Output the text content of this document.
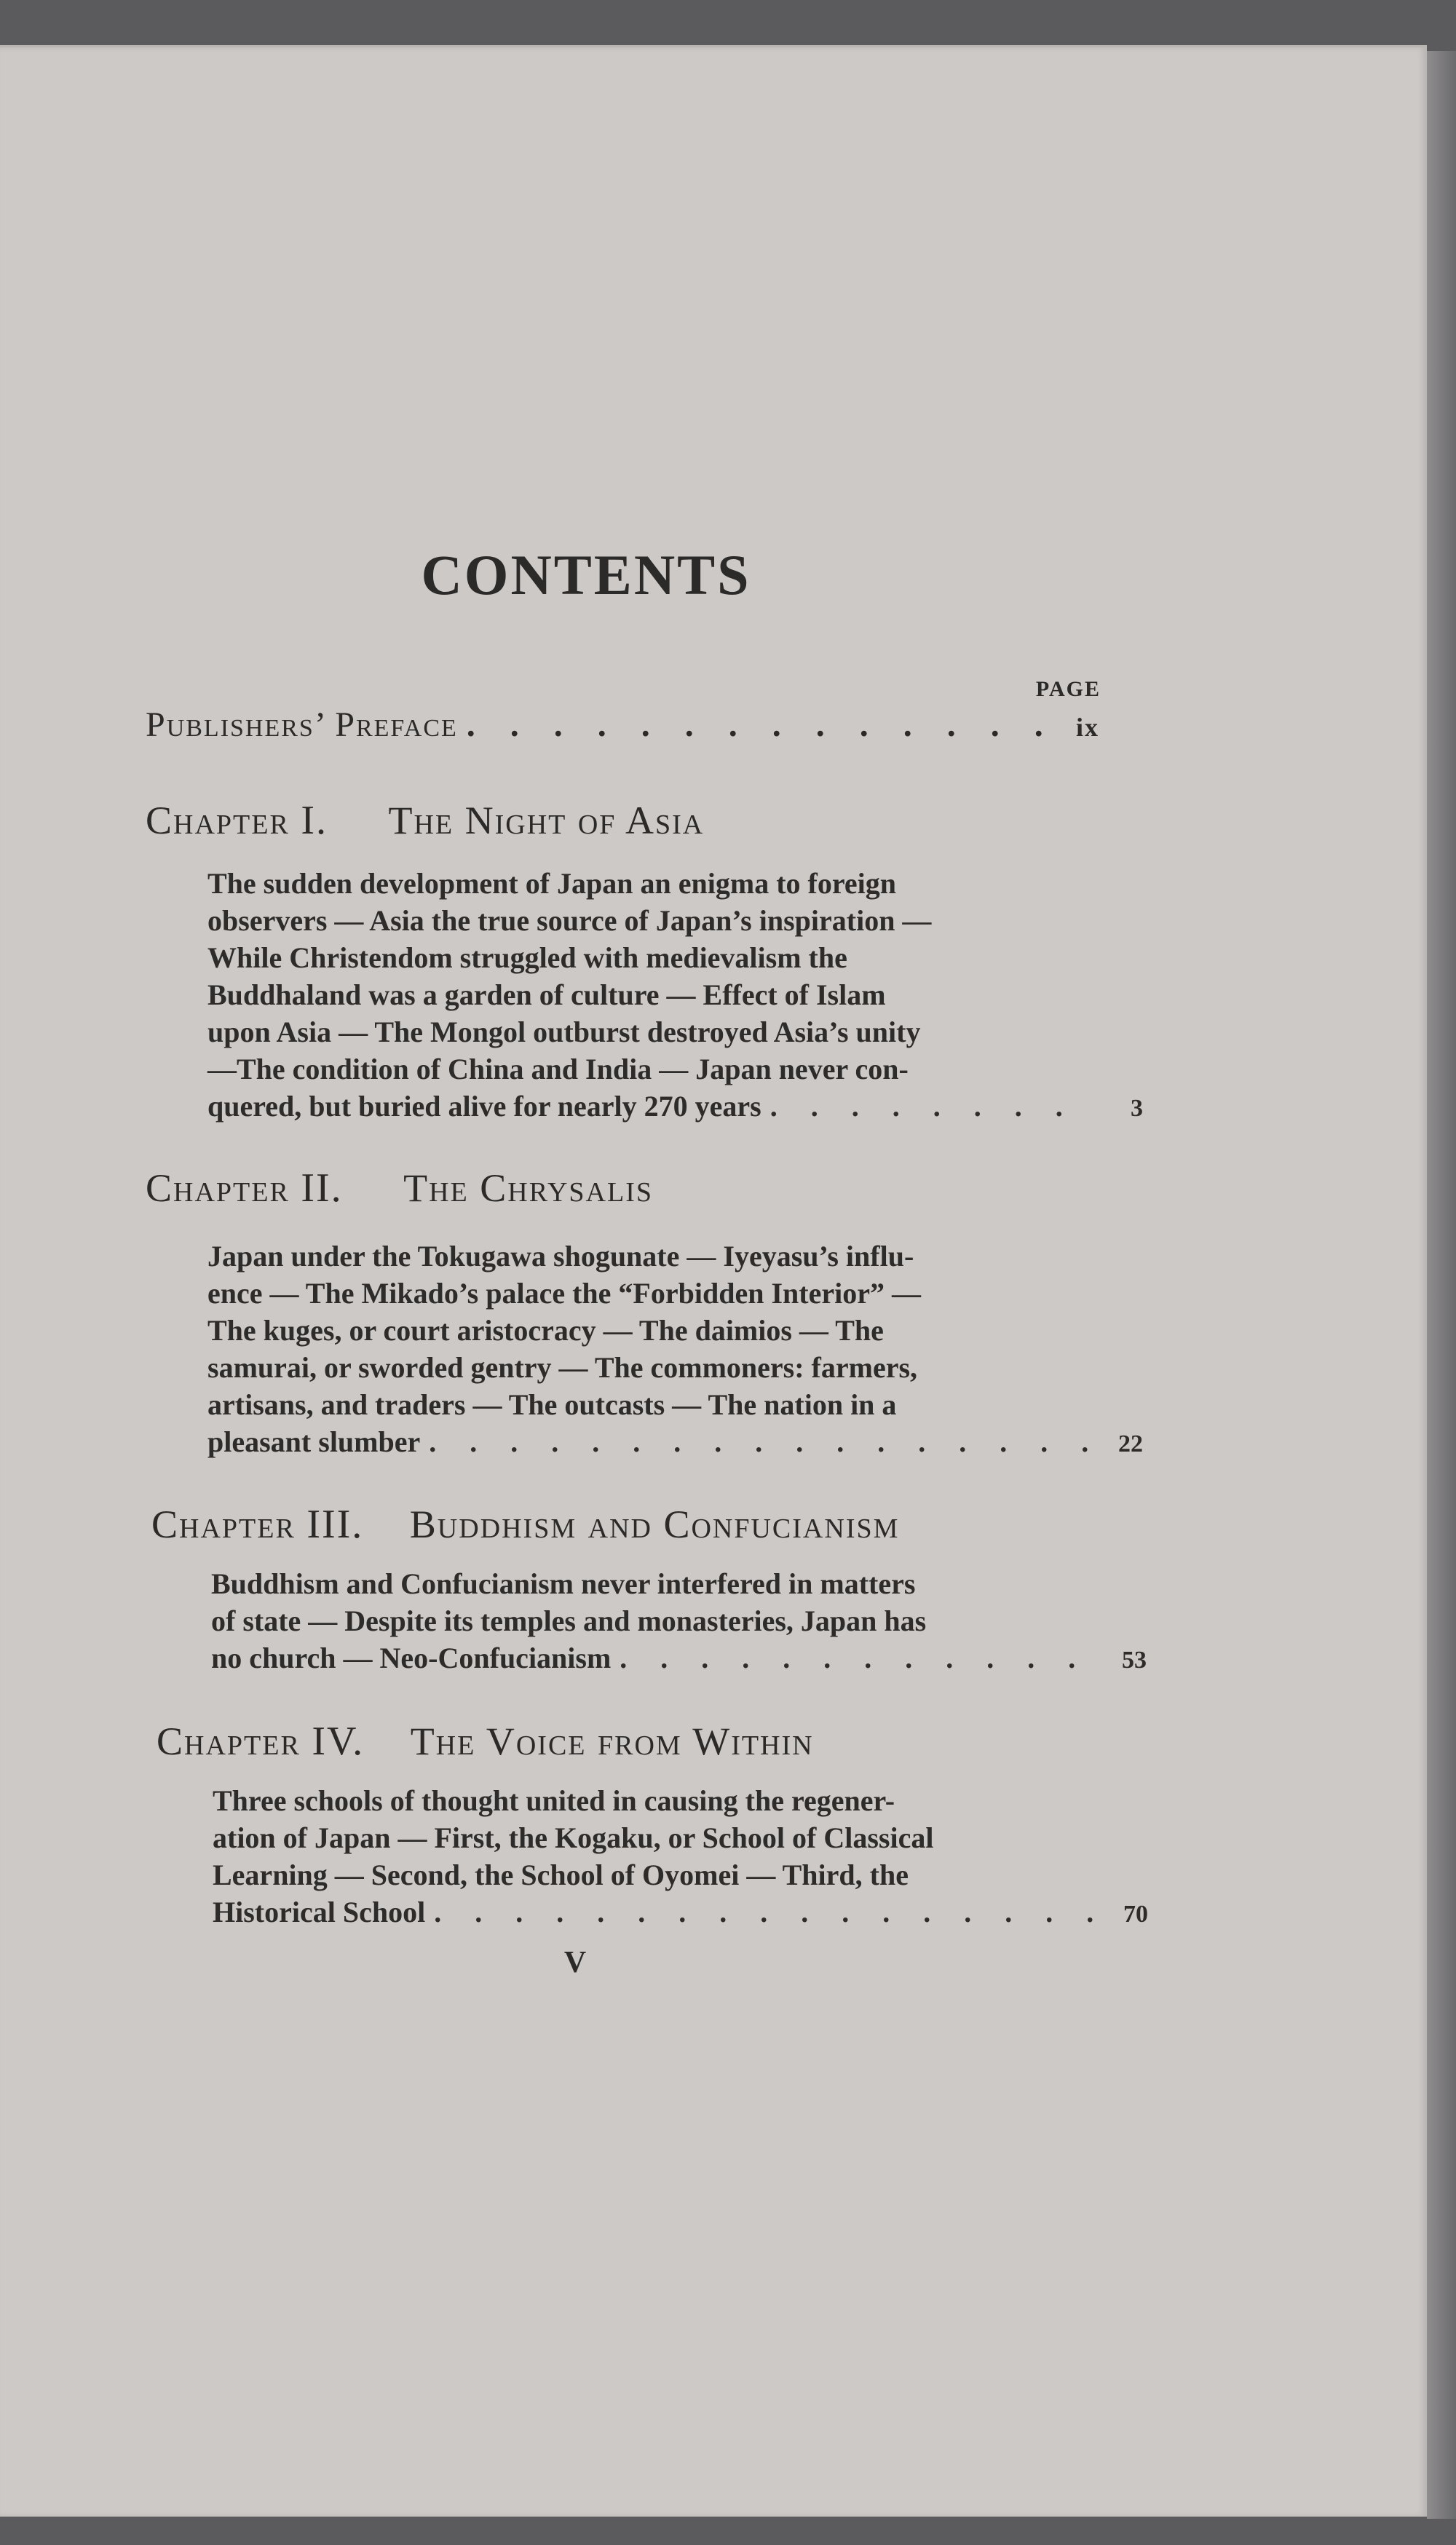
CONTENTS
PAGE
Publishers’ Preface . . .	ix
Chapter I. The Night of Asia

The sudden development of Japan an enigma to foreign

observers — Asia the true source of Japan’s inspiration —

While Christendom struggled with medievalism the

Buddhaland was a garden of culture — Effect of Islam

upon Asia — The Mongol outburst destroyed Asia’s unity

—The condition of China and India — Japan never con-

quered, but buried alive for nearly 270 years . . .	3
Chapter II. The Chrysalis

Japan under the Tokugawa shogunate — Iyeyasu’s influ-

ence — The Mikado’s palace the “Forbidden Interior” —

The kuges, or court aristocracy — The daimios — The

samurai, or sworded gentry — The commoners: farmers,

artisans, and traders — The outcasts — The nation in a

pleasant slumber . . .	22
Chapter III. Buddhism and Confucianism

Buddhism and Confucianism never interfered in matters

of state — Despite its temples and monasteries, Japan has

no church — Neo-Confucianism . . .	53
Chapter IV. The Voice from Within

Three schools of thought united in causing the regener-

ation of Japan — First, the Kogaku, or School of Classical

Learning — Second, the School of Oyomei — Third, the

Historical School . . .	70
V
